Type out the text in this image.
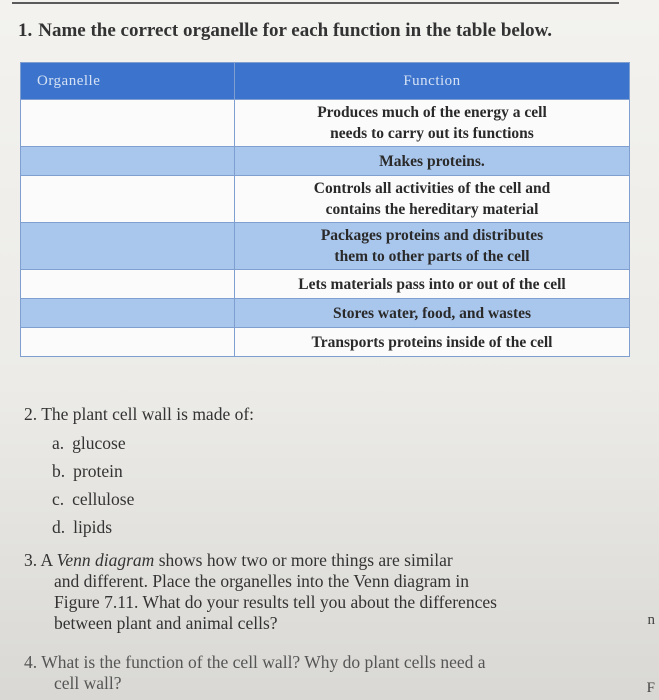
1. Name the correct organelle for each function in the table below.
Organelle	Function

	Produces much of the energy a cell
needs to carry out its functions

	Makes proteins.

	Controls all activities of the cell and
contains the hereditary material

	Packages proteins and distributes
them to other parts of the cell

	Lets materials pass into or out of the cell

	Stores water, food, and wastes

	Transports proteins inside of the cell
2. The plant cell wall is made of:
a. glucose
b. protein
c. cellulose
d. lipids
3. A Venn diagram shows how two or more things are similar
and different. Place the organelles into the Venn diagram in
Figure 7.11. What do your results tell you about the differences
between plant and animal cells?
4. What is the function of the cell wall? Why do plant cells need a
cell wall?
n
F
